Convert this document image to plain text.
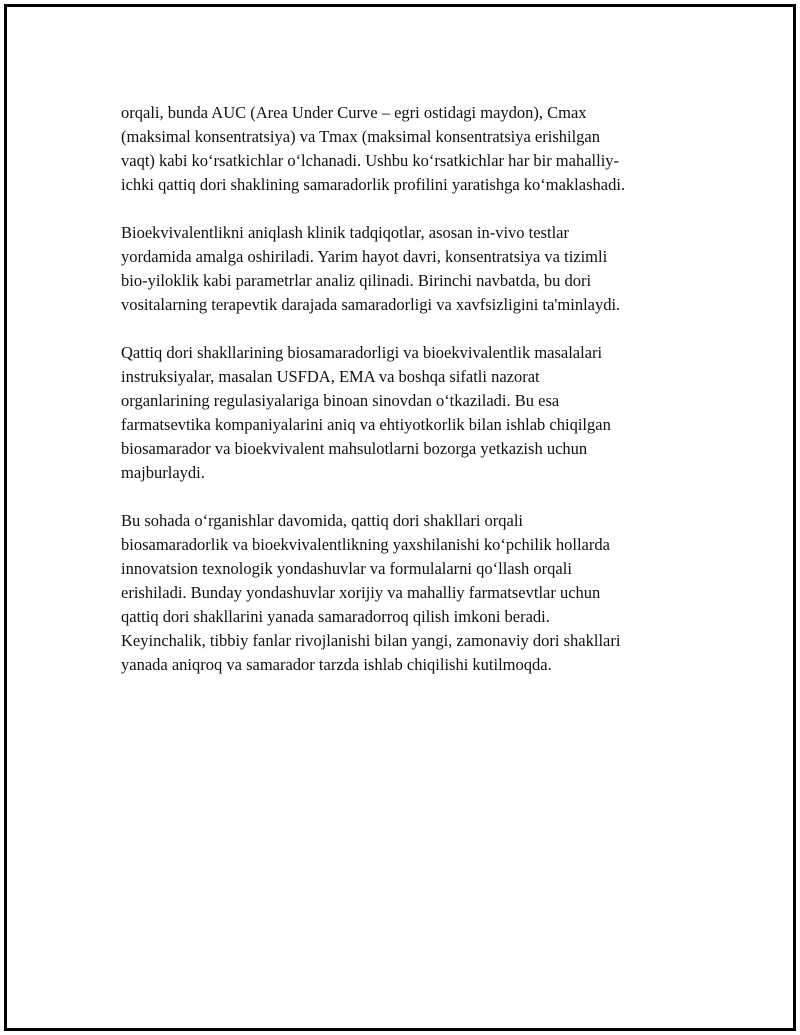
orqali, bunda AUC (Area Under Curve – egri ostidagi maydon), Cmax
(maksimal konsentratsiya) va Tmax (maksimal konsentratsiya erishilgan
vaqt) kabi koʻrsatkichlar oʻlchanadi. Ushbu koʻrsatkichlar har bir mahalliy-
ichki qattiq dori shaklining samaradorlik profilini yaratishga koʻmaklashadi.

Bioekvivalentlikni aniqlash klinik tadqiqotlar, asosan in-vivo testlar
yordamida amalga oshiriladi. Yarim hayot davri, konsentratsiya va tizimli
bio-yiloklik kabi parametrlar analiz qilinadi. Birinchi navbatda, bu dori
vositalarning terapevtik darajada samaradorligi va xavfsizligini ta'minlaydi.

Qattiq dori shakllarining biosamaradorligi va bioekvivalentlik masalalari
instruksiyalar, masalan USFDA, EMA va boshqa sifatli nazorat
organlarining regulasiyalariga binoan sinovdan oʻtkaziladi. Bu esa
farmatsevtika kompaniyalarini aniq va ehtiyotkorlik bilan ishlab chiqilgan
biosamarador va bioekvivalent mahsulotlarni bozorga yetkazish uchun
majburlaydi.

Bu sohada oʻrganishlar davomida, qattiq dori shakllari orqali
biosamaradorlik va bioekvivalentlikning yaxshilanishi koʻpchilik hollarda
innovatsion texnologik yondashuvlar va formulalarni qoʻllash orqali
erishiladi. Bunday yondashuvlar xorijiy va mahalliy farmatsevtlar uchun
qattiq dori shakllarini yanada samaradorroq qilish imkoni beradi.
Keyinchalik, tibbiy fanlar rivojlanishi bilan yangi, zamonaviy dori shakllari
yanada aniqroq va samarador tarzda ishlab chiqilishi kutilmoqda.
